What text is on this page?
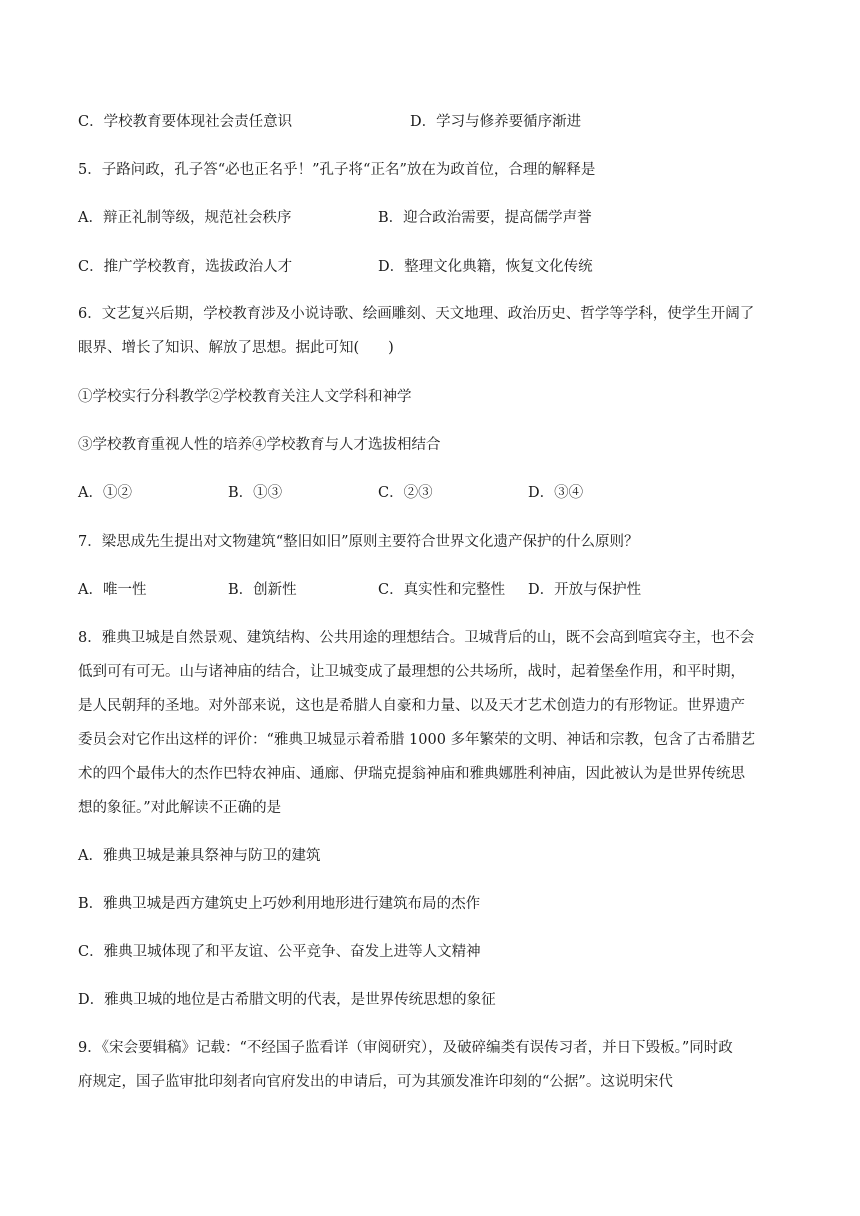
C．学校教育要体现社会责任意识	D．学习与修养要循序渐进
5．子路问政，孔子答“必也正名乎！”孔子将“正名”放在为政首位，合理的解释是
A．辩正礼制等级，规范社会秩序	B．迎合政治需要，提高儒学声誉
C．推广学校教育，选拔政治人才	D．整理文化典籍，恢复文化传统
6．文艺复兴后期，学校教育涉及小说诗歌、绘画雕刻、天文地理、政治历史、哲学等学科，使学生开阔了
眼界、增长了知识、解放了思想。据此可知(　　)
①学校实行分科教学②学校教育关注人文学科和神学
③学校教育重视人性的培养④学校教育与人才选拔相结合
A．①②	B．①③	C．②③	D．③④
7．梁思成先生提出对文物建筑“整旧如旧”原则主要符合世界文化遗产保护的什么原则？
A．唯一性	B．创新性	C．真实性和完整性 D．开放与保护性
8．雅典卫城是自然景观、建筑结构、公共用途的理想结合。卫城背后的山，既不会高到喧宾夺主，也不会
低到可有可无。山与诸神庙的结合，让卫城变成了最理想的公共场所，战时，起着堡垒作用，和平时期，
是人民朝拜的圣地。对外部来说，这也是希腊人自豪和力量、以及天才艺术创造力的有形物证。世界遗产
委员会对它作出这样的评价：“雅典卫城显示着希腊 1000 多年繁荣的文明、神话和宗教，包含了古希腊艺
术的四个最伟大的杰作巴特农神庙、通廊、伊瑞克提翁神庙和雅典娜胜利神庙，因此被认为是世界传统思
想的象征。”对此解读不正确的是
A．雅典卫城是兼具祭神与防卫的建筑
B．雅典卫城是西方建筑史上巧妙利用地形进行建筑布局的杰作
C．雅典卫城体现了和平友谊、公平竞争、奋发上进等人文精神
D．雅典卫城的地位是古希腊文明的代表，是世界传统思想的象征
9．《宋会要辑稿》记载：“不经国子监看详（审阅研究），及破碎编类有误传习者，并日下毁板。”同时政
府规定，国子监审批印刻者向官府发出的申请后，可为其颁发准许印刻的“公据”。这说明宋代
